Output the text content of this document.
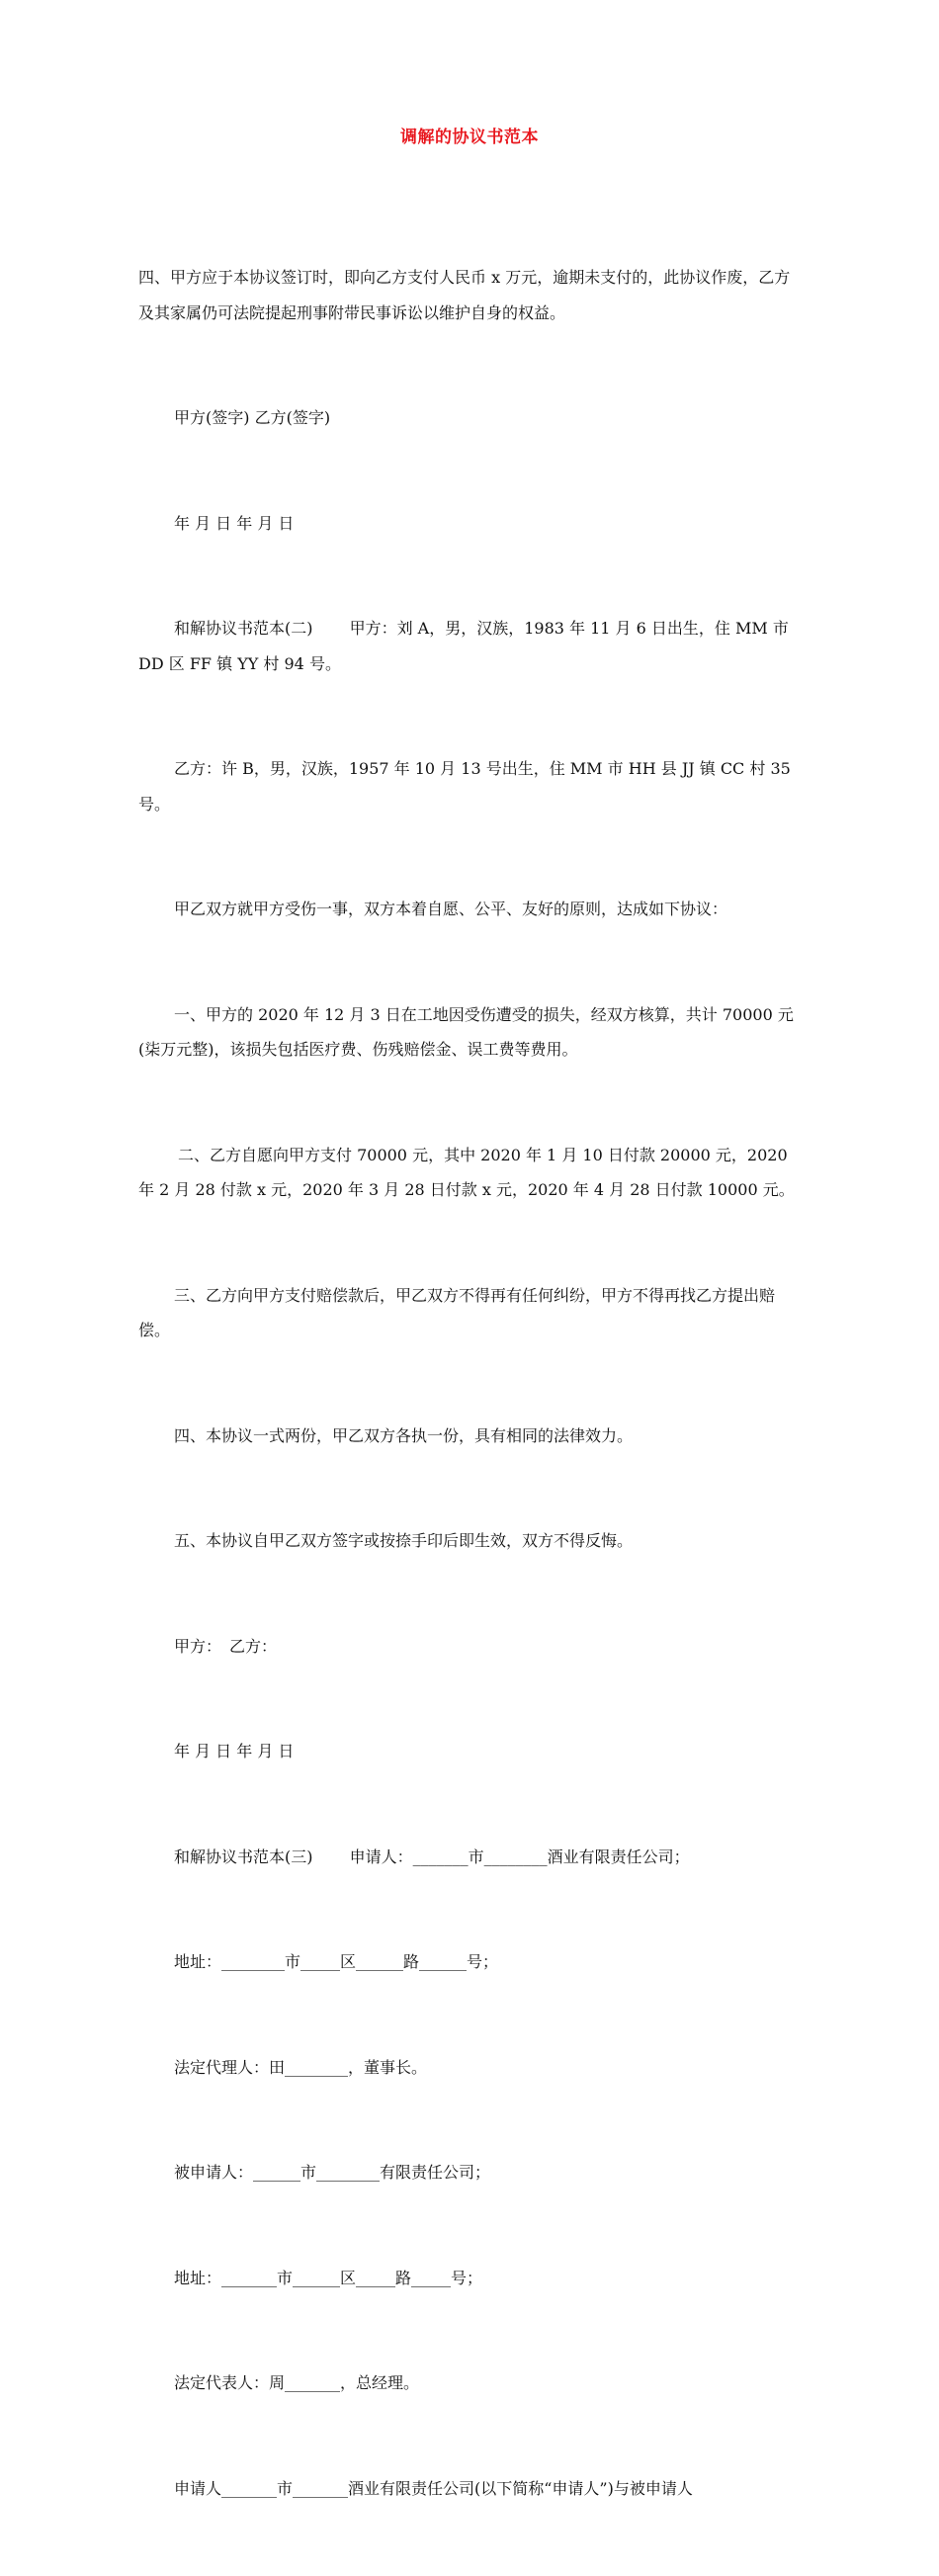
调解的协议书范本

四、甲方应于本协议签订时，即向乙方支付人民币 x 万元，逾期未支付的，此协议作废，乙方及其家属仍可法院提起刑事附带民事诉讼以维护自身的权益。

甲方(签字) 乙方(签字)

年 月 日 年 月 日

和解协议书范本(二)　　 甲方：刘 A，男，汉族，1983 年 11 月 6 日出生，住 MM 市 DD 区 FF 镇 YY 村 94 号。

乙方：许 B，男，汉族，1957 年 10 月 13 号出生，住 MM 市 HH 县 JJ 镇 CC 村 35 号。

甲乙双方就甲方受伤一事，双方本着自愿、公平、友好的原则，达成如下协议：

一、甲方的 2020 年 12 月 3 日在工地因受伤遭受的损失，经双方核算，共计 70000 元(柒万元整)，该损失包括医疗费、伤残赔偿金、误工费等费用。

二、乙方自愿向甲方支付 70000 元，其中 2020 年 1 月 10 日付款 20000 元，2020 年 2 月 28 付款 x 元，2020 年 3 月 28 日付款 x 元，2020 年 4 月 28 日付款 10000 元。

三、乙方向甲方支付赔偿款后，甲乙双方不得再有任何纠纷，甲方不得再找乙方提出赔偿。

四、本协议一式两份，甲乙双方各执一份，具有相同的法律效力。

五、本协议自甲乙双方签字或按捺手印后即生效，双方不得反悔。

甲方：　乙方：

年 月 日 年 月 日

和解协议书范本(三)　　 申请人：_______市________酒业有限责任公司；

地址：________市_____区______路______号；

法定代理人：田________，董事长。

被申请人：______市________有限责任公司；

地址：_______市______区_____路_____号；

法定代表人：周_______，总经理。

申请人_______市_______酒业有限责任公司(以下简称“申请人”)与被申请人
